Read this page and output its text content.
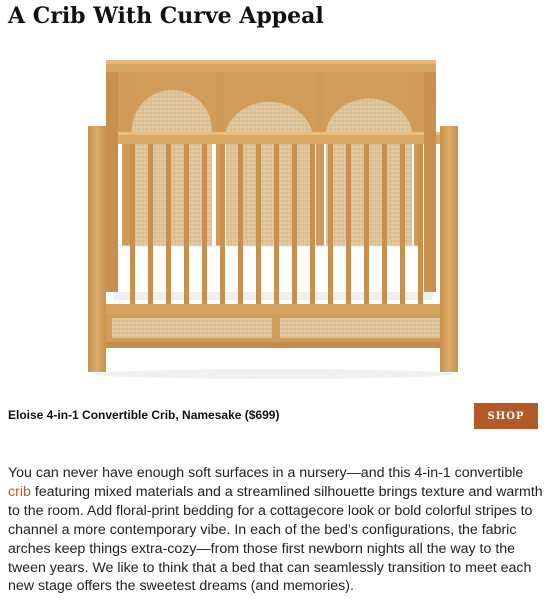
A Crib With Curve Appeal
Eloise 4-in-1 Convertible Crib, Namesake ($699)	SHOP

You can never have enough soft surfaces in a nursery—and this 4-in-1 convertible crib featuring mixed materials and a streamlined silhouette brings texture and warmth to the room. Add floral-print bedding for a cottagecore look or bold colorful stripes to channel a more contemporary vibe. In each of the bed’s configurations, the fabric arches keep things extra-cozy—from those first newborn nights all the way to the tween years. We like to think that a bed that can seamlessly transition to meet each new stage offers the sweetest dreams (and memories).
